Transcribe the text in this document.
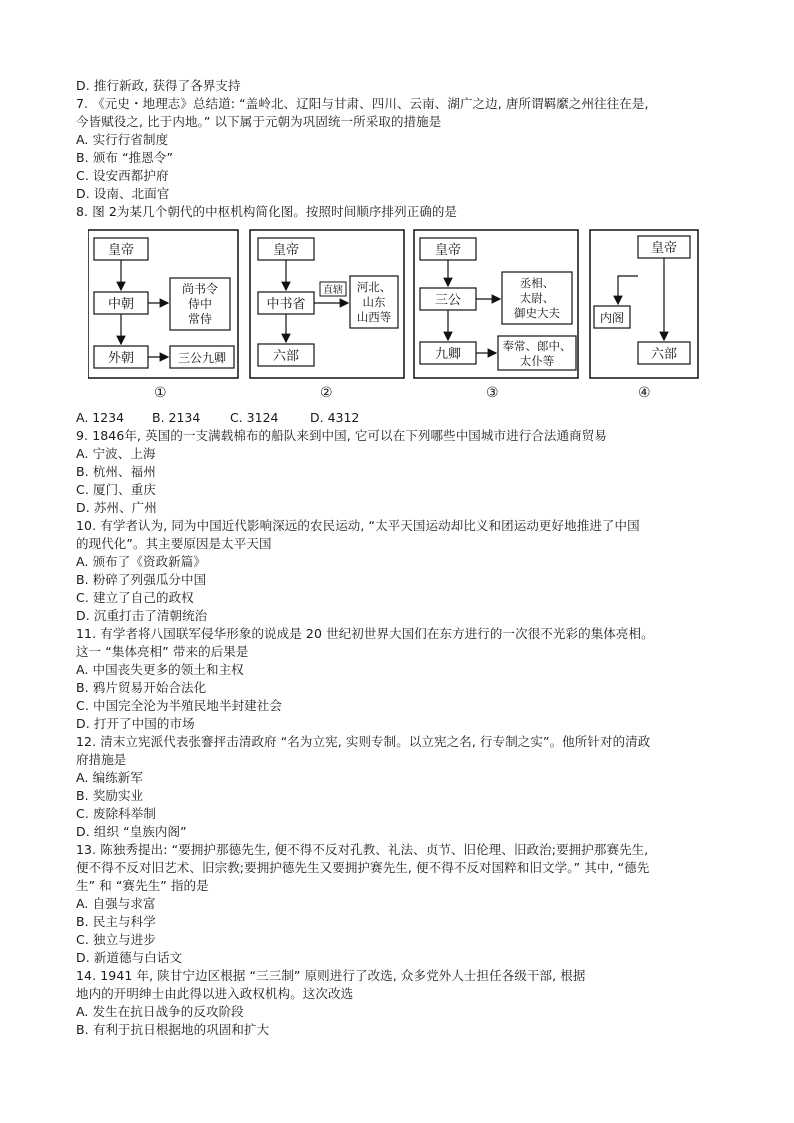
D. 推行新政, 获得了各界支持
7. 《元史・地理志》总结道: “盖岭北、辽阳与甘肃、四川、云南、湖广之边, 唐所谓羁縻之州往往在是,
今皆赋役之, 比于内地。” 以下属于元朝为巩固统一所采取的措施是
A. 实行行省制度
B. 颁布 “推恩令”
C. 设安西都护府
D. 设南、北面官
8. 图 2为某几个朝代的中枢机构简化图。按照时间顺序排列正确的是
皇帝
中朝
外朝
尚书令
侍中
常侍
三公九卿
皇帝
中书省
六部
直辖 河北、
山东
山西等
皇帝
三公
九卿
丞相、
太尉、
御史大夫
奉常、郎中、
太仆等
皇帝
内阁
六部
①	②	③	④
A. 1234 B. 2134 C. 3124	D. 4312
9. 1846年, 英国的一支满载棉布的船队来到中国, 它可以在下列哪些中国城市进行合法通商贸易
A. 宁波、上海
B. 杭州、福州
C. 厦门、重庆
D. 苏州、广州
10. 有学者认为, 同为中国近代影响深远的农民运动, “太平天国运动却比义和团运动更好地推进了中国
的现代化”。其主要原因是太平天国
A. 颁布了《资政新篇》
B. 粉碎了列强瓜分中国
C. 建立了自己的政权
D. 沉重打击了清朝统治
11. 有学者将八国联军侵华形象的说成是 20 世纪初世界大国们在东方进行的一次很不光彩的集体亮相。
这一 “集体亮相” 带来的后果是
A. 中国丧失更多的领土和主权
B. 鸦片贸易开始合法化
C. 中国完全沦为半殖民地半封建社会
D. 打开了中国的市场
12. 清末立宪派代表张謇抨击清政府 “名为立宪, 实则专制。以立宪之名, 行专制之实”。他所针对的清政
府措施是
A. 编练新军
B. 奖励实业
C. 废除科举制
D. 组织 “皇族内阁”
13. 陈独秀提出: “要拥护那德先生, 便不得不反对孔教、礼法、贞节、旧伦理、旧政治;要拥护那赛先生,
便不得不反对旧艺术、旧宗教;要拥护德先生又要拥护赛先生, 便不得不反对国粹和旧文学。” 其中, “德先
生” 和 “赛先生” 指的是
A. 自强与求富
B. 民主与科学
C. 独立与进步
D. 新道德与白话文
14. 1941 年, 陕甘宁边区根据 “三三制” 原则进行了改选, 众多党外人士担任各级干部, 根据
地内的开明绅士由此得以进入政权机构。这次改选
A. 发生在抗日战争的反攻阶段
B. 有利于抗日根据地的巩固和扩大
